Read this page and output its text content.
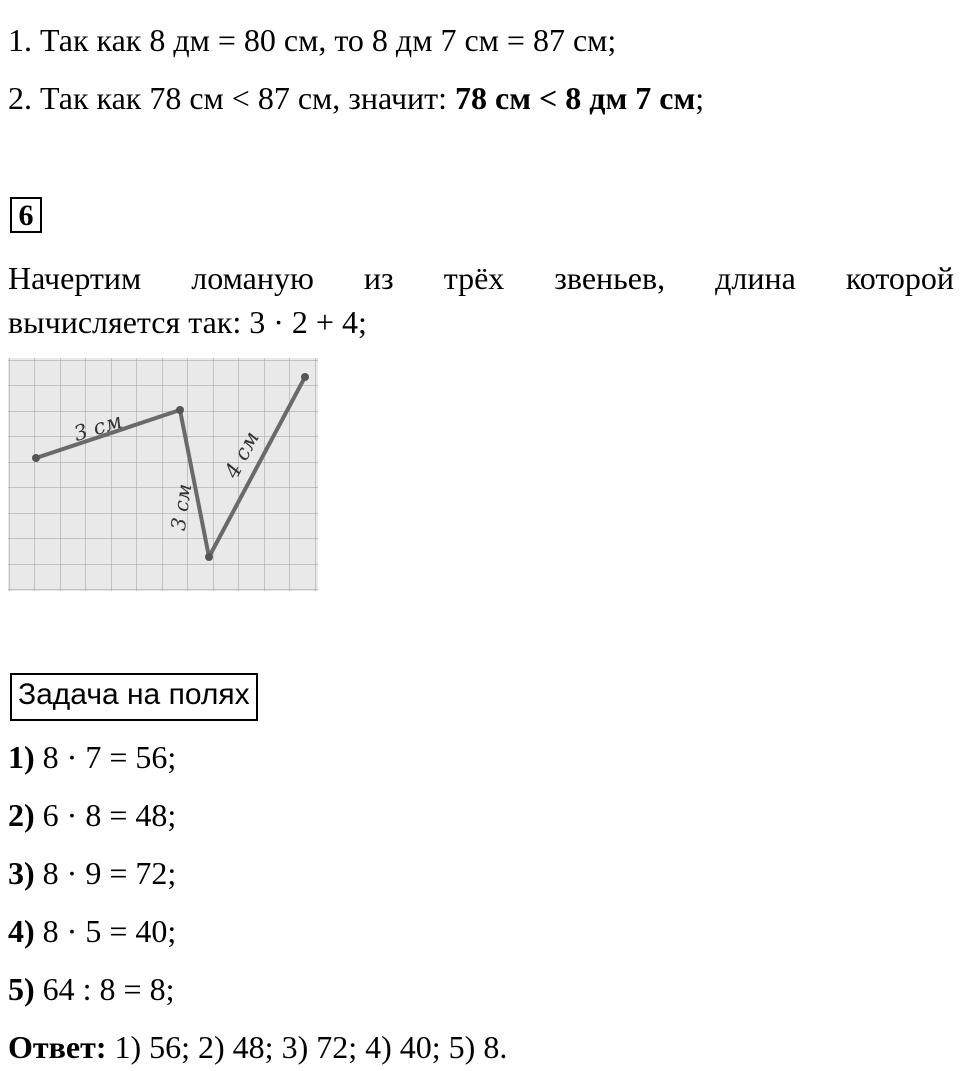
1. Так как 8 дм = 80 см, то 8 дм 7 см = 87 см;
2. Так как 78 см < 87 см, значит: 78 см < 8 дм 7 см;
6
Начертим ломаную из трёх звеньев, длина которой
вычисляется так: 3 · 2 + 4;
3 см
3 см
4 см
Задача на полях
1) 8 · 7 = 56;
2) 6 · 8 = 48;
3) 8 · 9 = 72;
4) 8 · 5 = 40;
5) 64 : 8 = 8;
Ответ: 1) 56; 2) 48; 3) 72; 4) 40; 5) 8.
